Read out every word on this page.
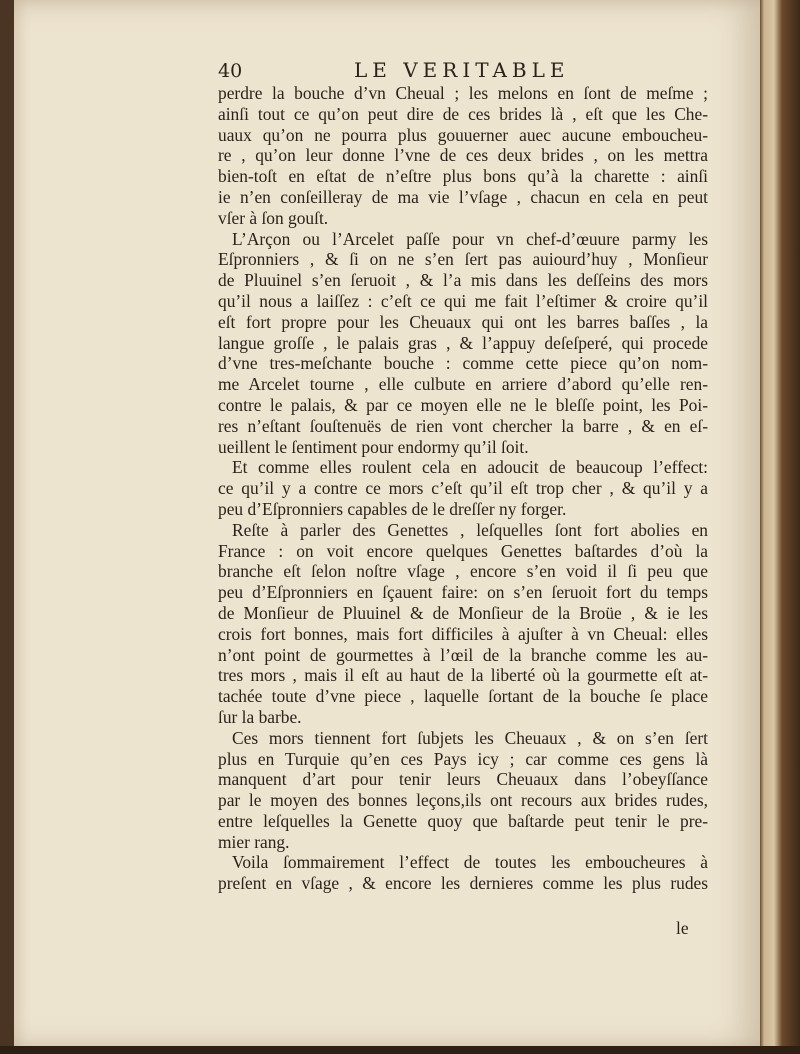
40	LE VERITABLE
perdre la bouche d’vn Cheual ; les melons en ſont de meſme ;
ainſi tout ce qu’on peut dire de ces brides là , eſt que les Che-
uaux qu’on ne pourra plus gouuerner auec aucune emboucheu-
re , qu’on leur donne l’vne de ces deux brides , on les mettra
bien-toſt en eſtat de n’eſtre plus bons qu’à la charette : ainſi
ie n’en conſeilleray de ma vie l’vſage , chacun en cela en peut
vſer à ſon gouſt.
L’Arçon ou l’Arcelet paſſe pour vn chef-d’œuure parmy les
Eſpronniers , & ſi on ne s’en ſert pas auiourd’huy , Monſieur
de Pluuinel s’en ſeruoit , & l’a mis dans les deſſeins des mors
qu’il nous a laiſſez : c’eſt ce qui me fait l’eſtimer & croire qu’il
eſt fort propre pour les Cheuaux qui ont les barres baſſes , la
langue groſſe , le palais gras , & l’appuy deſeſperé, qui procede
d’vne tres-meſchante bouche : comme cette piece qu’on nom-
me Arcelet tourne , elle culbute en arriere d’abord qu’elle ren-
contre le palais, & par ce moyen elle ne le bleſſe point, les Poi-
res n’eſtant ſouſtenuës de rien vont chercher la barre , & en eſ-
ueillent le ſentiment pour endormy qu’il ſoit.
Et comme elles roulent cela en adoucit de beaucoup l’effect:
ce qu’il y a contre ce mors c’eſt qu’il eſt trop cher , & qu’il y a
peu d’Eſpronniers capables de le dreſſer ny forger.
Reſte à parler des Genettes , leſquelles ſont fort abolies en
France : on voit encore quelques Genettes baſtardes d’où la
branche eſt ſelon noſtre vſage , encore s’en void il ſi peu que
peu d’Eſpronniers en ſçauent faire: on s’en ſeruoit fort du temps
de Monſieur de Pluuinel & de Monſieur de la Broüe , & ie les
crois fort bonnes, mais fort difficiles à ajuſter à vn Cheual: elles
n’ont point de gourmettes à l’œil de la branche comme les au-
tres mors , mais il eſt au haut de la liberté où la gourmette eſt at-
tachée toute d’vne piece , laquelle ſortant de la bouche ſe place
ſur la barbe.
Ces mors tiennent fort ſubjets les Cheuaux , & on s’en ſert
plus en Turquie qu’en ces Pays icy ; car comme ces gens là
manquent d’art pour tenir leurs Cheuaux dans l’obeyſſance
par le moyen des bonnes leçons,ils ont recours aux brides rudes,
entre leſquelles la Genette quoy que baſtarde peut tenir le pre-
mier rang.
Voila ſommairement l’effect de toutes les emboucheures à
preſent en vſage , & encore les dernieres comme les plus rudes
le
